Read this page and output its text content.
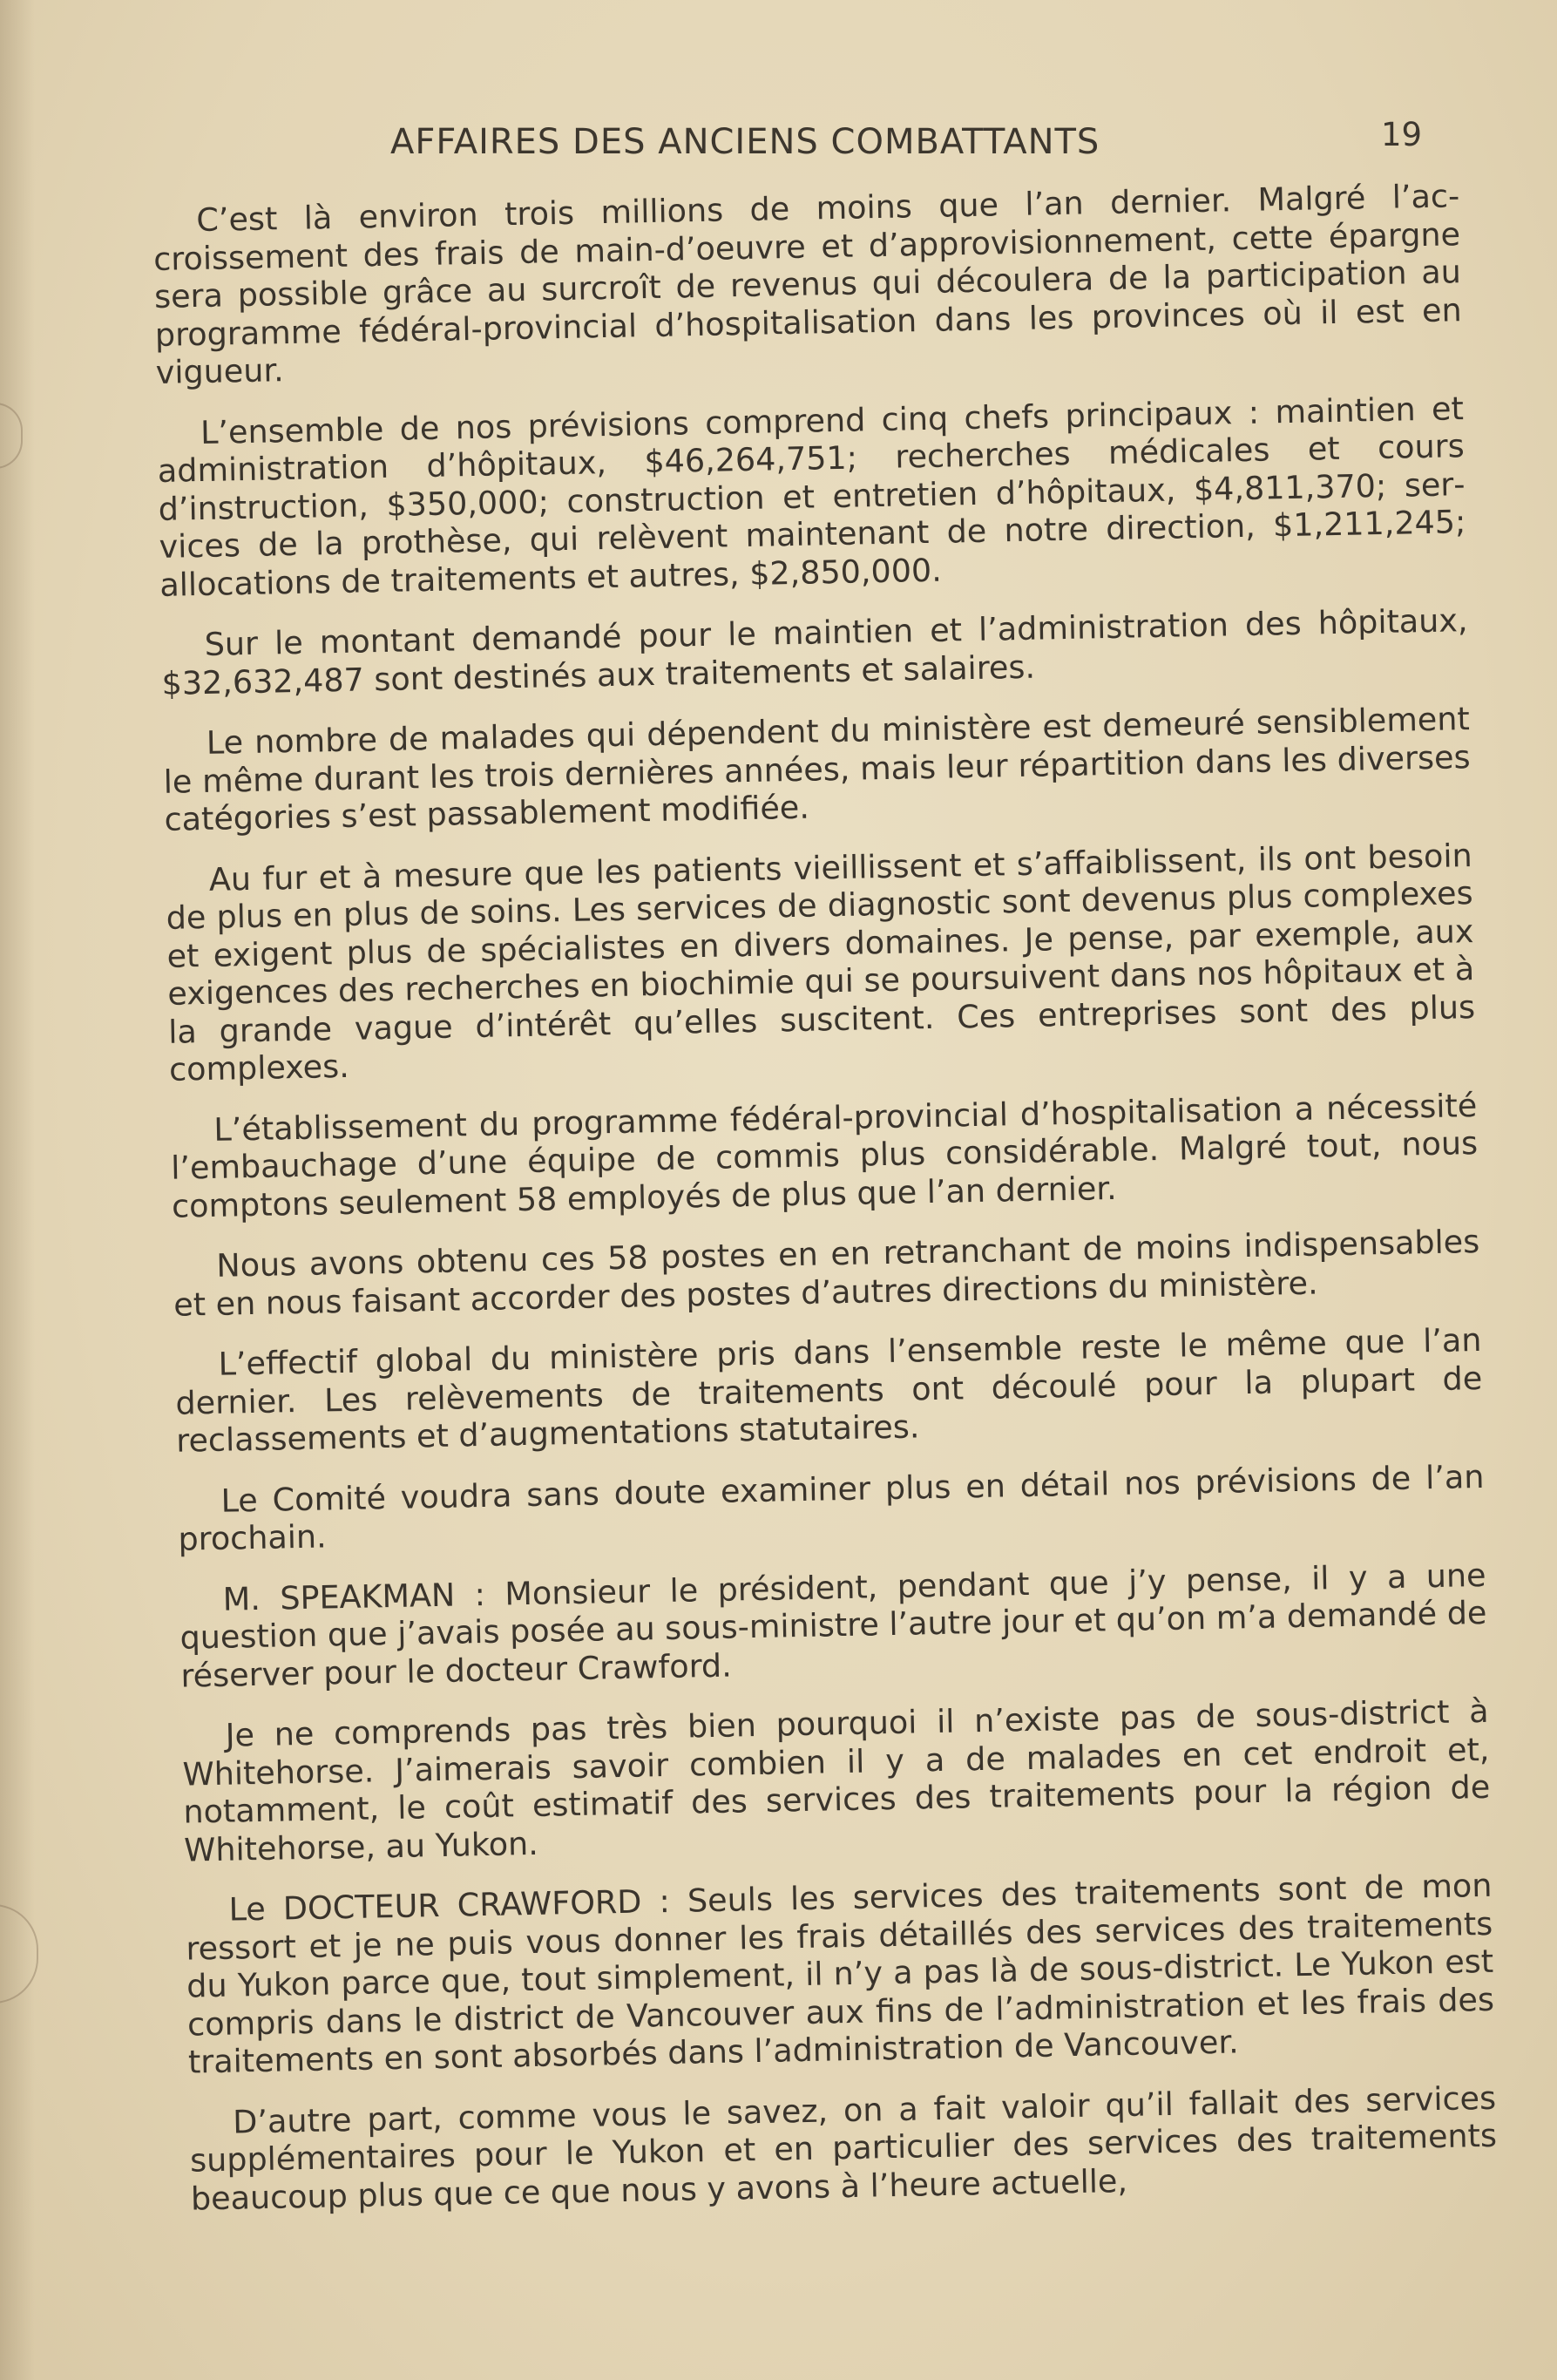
AFFAIRES DES ANCIENS COMBATTANTS	19

C’est là environ trois millions de moins que l’an dernier. Malgré l’accroissement des frais de main-d’oeuvre et d’approvisionnement, cette épargne sera possible grâce au surcroît de revenus qui découlera de la participation au programme fédéral-provincial d’hospitalisation dans les provinces où il est en vigueur.

L’ensemble de nos prévisions comprend cinq chefs principaux : maintien et administration d’hôpitaux, $46,264,751; recherches médicales et cours d’instruction, $350,000; construction et entretien d’hôpitaux, $4,811,370; services de la prothèse, qui relèvent maintenant de notre direction, $1,211,245; allocations de traitements et autres, $2,850,000.

Sur le montant demandé pour le maintien et l’administration des hôpitaux, $32,632,487 sont destinés aux traitements et salaires.

Le nombre de malades qui dépendent du ministère est demeuré sensiblement le même durant les trois dernières années, mais leur répartition dans les diverses catégories s’est passablement modifiée.

Au fur et à mesure que les patients vieillissent et s’affaiblissent, ils ont besoin de plus en plus de soins. Les services de diagnostic sont devenus plus complexes et exigent plus de spécialistes en divers domaines. Je pense, par exemple, aux exigences des recherches en biochimie qui se poursuivent dans nos hôpitaux et à la grande vague d’intérêt qu’elles suscitent. Ces entreprises sont des plus complexes.

L’établissement du programme fédéral-provincial d’hospitalisation a nécessité l’embauchage d’une équipe de commis plus considérable. Malgré tout, nous comptons seulement 58 employés de plus que l’an dernier.

Nous avons obtenu ces 58 postes en en retranchant de moins indispensables et en nous faisant accorder des postes d’autres directions du ministère.

L’effectif global du ministère pris dans l’ensemble reste le même que l’an dernier. Les relèvements de traitements ont découlé pour la plupart de reclassements et d’augmentations statutaires.

Le Comité voudra sans doute examiner plus en détail nos prévisions de l’an prochain.

M. SPEAKMAN : Monsieur le président, pendant que j’y pense, il y a une question que j’avais posée au sous-ministre l’autre jour et qu’on m’a demandé de réserver pour le docteur Crawford.

Je ne comprends pas très bien pourquoi il n’existe pas de sous-district à Whitehorse. J’aimerais savoir combien il y a de malades en cet endroit et, notamment, le coût estimatif des services des traitements pour la région de Whitehorse, au Yukon.

Le DOCTEUR CRAWFORD : Seuls les services des traitements sont de mon ressort et je ne puis vous donner les frais détaillés des services des traitements du Yukon parce que, tout simplement, il n’y a pas là de sous-district. Le Yukon est compris dans le district de Vancouver aux fins de l’administration et les frais des traitements en sont absorbés dans l’administration de Vancouver.

D’autre part, comme vous le savez, on a fait valoir qu’il fallait des services supplémentaires pour le Yukon et en particulier des services des traitements beaucoup plus que ce que nous y avons à l’heure actuelle,
